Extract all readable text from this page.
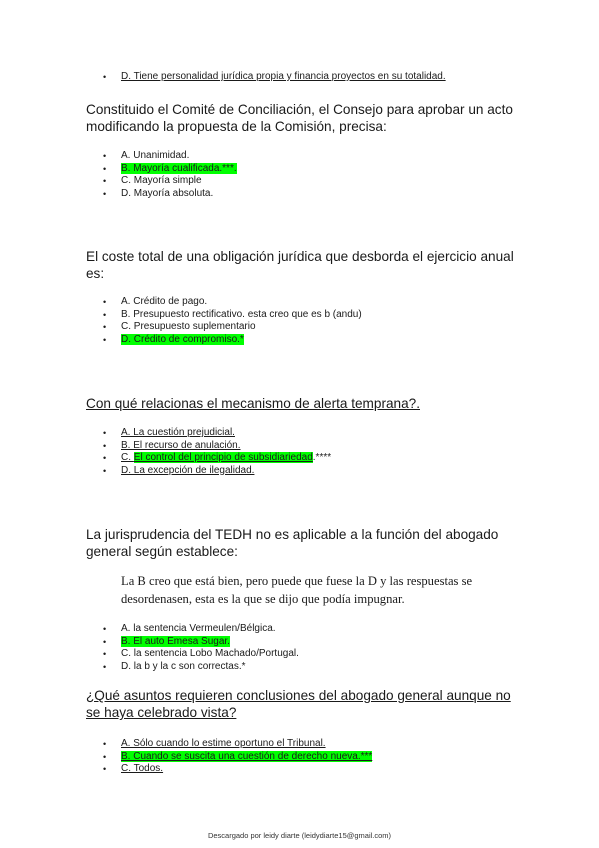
• D. Tiene personalidad jurídica propia y financia proyectos en su totalidad.

Constituido el Comité de Conciliación, el Consejo para aprobar un acto modificando la propuesta de la Comisión, precisa:

• A. Unanimidad.
• B. Mayoría cualificada.***.
• C. Mayoría simple
• D. Mayoría absoluta.

El coste total de una obligación jurídica que desborda el ejercicio anual es:

• A. Crédito de pago.
• B. Presupuesto rectificativo. esta creo que es b (andu)
• C. Presupuesto suplementario
• D. Crédito de compromiso.*

Con qué relacionas el mecanismo de alerta temprana?.

• A. La cuestión prejudicial.
• B. El recurso de anulación.
• C. El control del principio de subsidiariedad.****
• D. La excepción de ilegalidad.

La jurisprudencia del TEDH no es aplicable a la función del abogado general según establece:

La B creo que está bien, pero puede que fuese la D y las respuestas se desordenasen, esta es la que se dijo que podía impugnar.

• A. la sentencia Vermeulen/Bélgica.
• B. El auto Emesa Sugar.
• C. la sentencia Lobo Machado/Portugal.
• D. la b y la c son correctas.*

¿Qué asuntos requieren conclusiones del abogado general aunque no se haya celebrado vista?

• A. Sólo cuando lo estime oportuno el Tribunal.
• B. Cuando se suscita una cuestión de derecho nueva.***
• C. Todos.
Descargado por leidy diarte (leidydiarte15@gmail.com)
